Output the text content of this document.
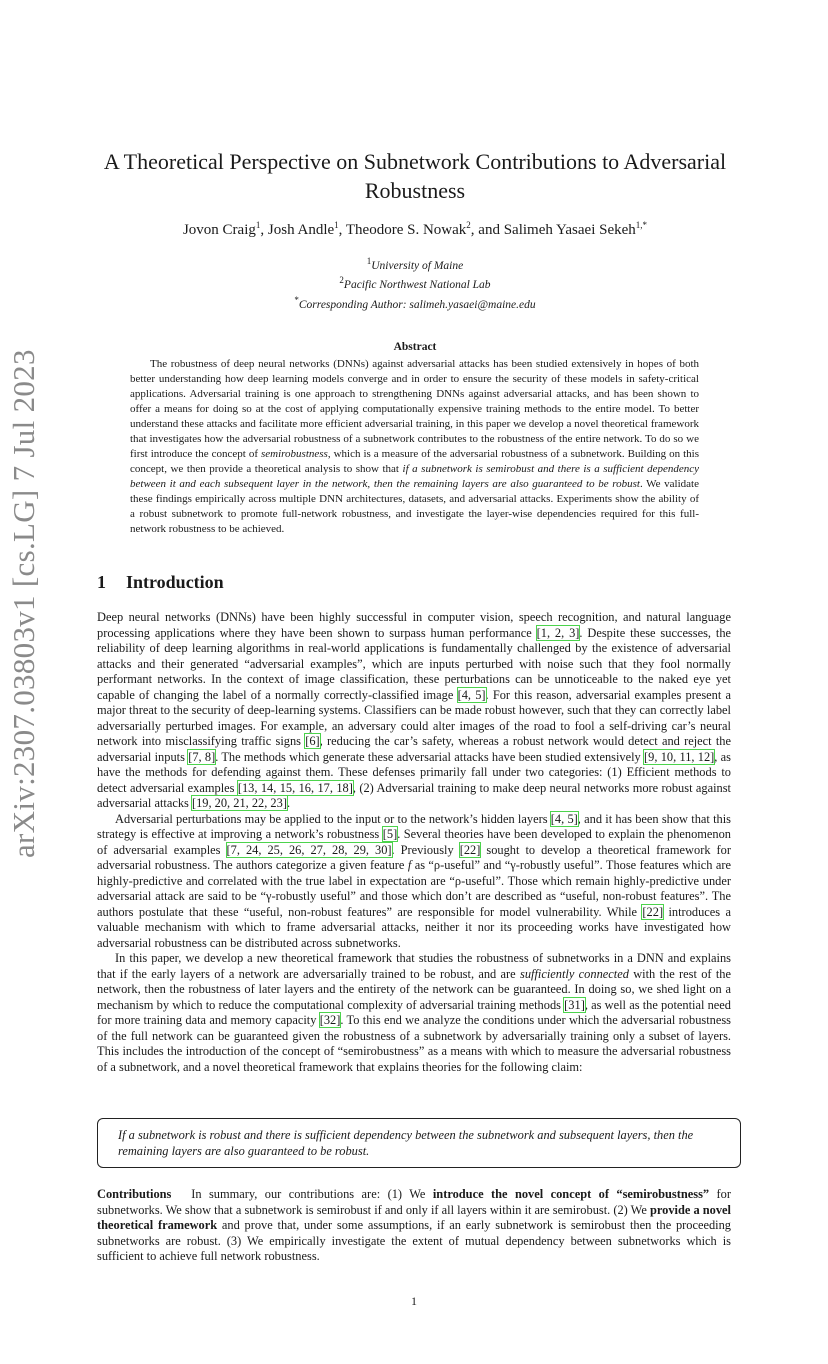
arXiv:2307.03803v1 [cs.LG] 7 Jul 2023
A Theoretical Perspective on Subnetwork Contributions to Adversarial Robustness
Jovon Craig$^1$, Josh Andle$^1$, Theodore S. Nowak$^2$, and Salimeh Yasaei Sekeh$^{1,*}$
$^1$University of Maine
$^2$Pacific Northwest National Lab
*Corresponding Author: salimeh.yasaei@maine.edu
Abstract

The robustness of deep neural networks (DNNs) against adversarial attacks has been studied extensively in hopes of both better understanding how deep learning models converge and in order to ensure the security of these models in safety-critical applications. Adversarial training is one approach to strengthening DNNs against adversarial attacks, and has been shown to offer a means for doing so at the cost of applying computationally expensive training methods to the entire model. To better understand these attacks and facilitate more efficient adversarial training, in this paper we develop a novel theoretical framework that investigates how the adversarial robustness of a subnetwork contributes to the robustness of the entire network. To do so we first introduce the concept of semirobustness, which is a measure of the adversarial robustness of a subnetwork. Building on this concept, we then provide a theoretical analysis to show that if a subnetwork is semirobust and there is a sufficient dependency between it and each subsequent layer in the network, then the remaining layers are also guaranteed to be robust. We validate these findings empirically across multiple DNN architectures, datasets, and adversarial attacks. Experiments show the ability of a robust subnetwork to promote full-network robustness, and investigate the layer-wise dependencies required for this full-network robustness to be achieved.

1 Introduction

Deep neural networks (DNNs) have been highly successful in computer vision, speech recognition, and natural language processing applications where they have been shown to surpass human performance [1, 2, 3]. Despite these successes, the reliability of deep learning algorithms in real-world applications is fundamentally challenged by the existence of adversarial attacks and their generated “adversarial examples”, which are inputs perturbed with noise such that they fool normally performant networks. In the context of image classification, these perturbations can be unnoticeable to the naked eye yet capable of changing the label of a normally correctly-classified image [4, 5]. For this reason, adversarial examples present a major threat to the security of deep-learning systems. Classifiers can be made robust however, such that they can correctly label adversarially perturbed images. For example, an adversary could alter images of the road to fool a self-driving car’s neural network into misclassifying traffic signs [6], reducing the car’s safety, whereas a robust network would detect and reject the adversarial inputs [7, 8]. The methods which generate these adversarial attacks have been studied extensively [9, 10, 11, 12], as have the methods for defending against them. These defenses primarily fall under two categories: (1) Efficient methods to detect adversarial examples [13, 14, 15, 16, 17, 18], (2) Adversarial training to make deep neural networks more robust against adversarial attacks [19, 20, 21, 22, 23].

Adversarial perturbations may be applied to the input or to the network’s hidden layers [4, 5], and it has been show that this strategy is effective at improving a network’s robustness [5]. Several theories have been developed to explain the phenomenon of adversarial examples [7, 24, 25, 26, 27, 28, 29, 30]. Previously [22] sought to develop a theoretical framework for adversarial robustness. The authors categorize a given feature f as “ρ-useful” and “γ-robustly useful”. Those features which are highly-predictive and correlated with the true label in expectation are “ρ-useful”. Those which remain highly-predictive under adversarial attack are said to be “γ-robustly useful” and those which don’t are described as “useful, non-robust features”. The authors postulate that these “useful, non-robust features” are responsible for model vulnerability. While [22] introduces a valuable mechanism with which to frame adversarial attacks, neither it nor its proceeding works have investigated how adversarial robustness can be distributed across subnetworks.

In this paper, we develop a new theoretical framework that studies the robustness of subnetworks in a DNN and explains that if the early layers of a network are adversarially trained to be robust, and are sufficiently connected with the rest of the network, then the robustness of later layers and the entirety of the network can be guaranteed. In doing so, we shed light on a mechanism by which to reduce the computational complexity of adversarial training methods [31], as well as the potential need for more training data and memory capacity [32]. To this end we analyze the conditions under which the adversarial robustness of the full network can be guaranteed given the robustness of a subnetwork by adversarially training only a subset of layers. This includes the introduction of the concept of “semirobustness” as a means with which to measure the adversarial robustness of a subnetwork, and a novel theoretical framework that explains theories for the following claim:

If a subnetwork is robust and there is sufficient dependency between the subnetwork and subsequent layers, then the remaining layers are also guaranteed to be robust.
Contributions  In summary, our contributions are: (1) We introduce the novel concept of “semirobustness” for subnetworks. We show that a subnetwork is semirobust if and only if all layers within it are semirobust. (2) We provide a novel theoretical framework and prove that, under some assumptions, if an early subnetwork is semirobust then the proceeding subnetworks are robust. (3) We empirically investigate the extent of mutual dependency between subnetworks which is sufficient to achieve full network robustness.
1
